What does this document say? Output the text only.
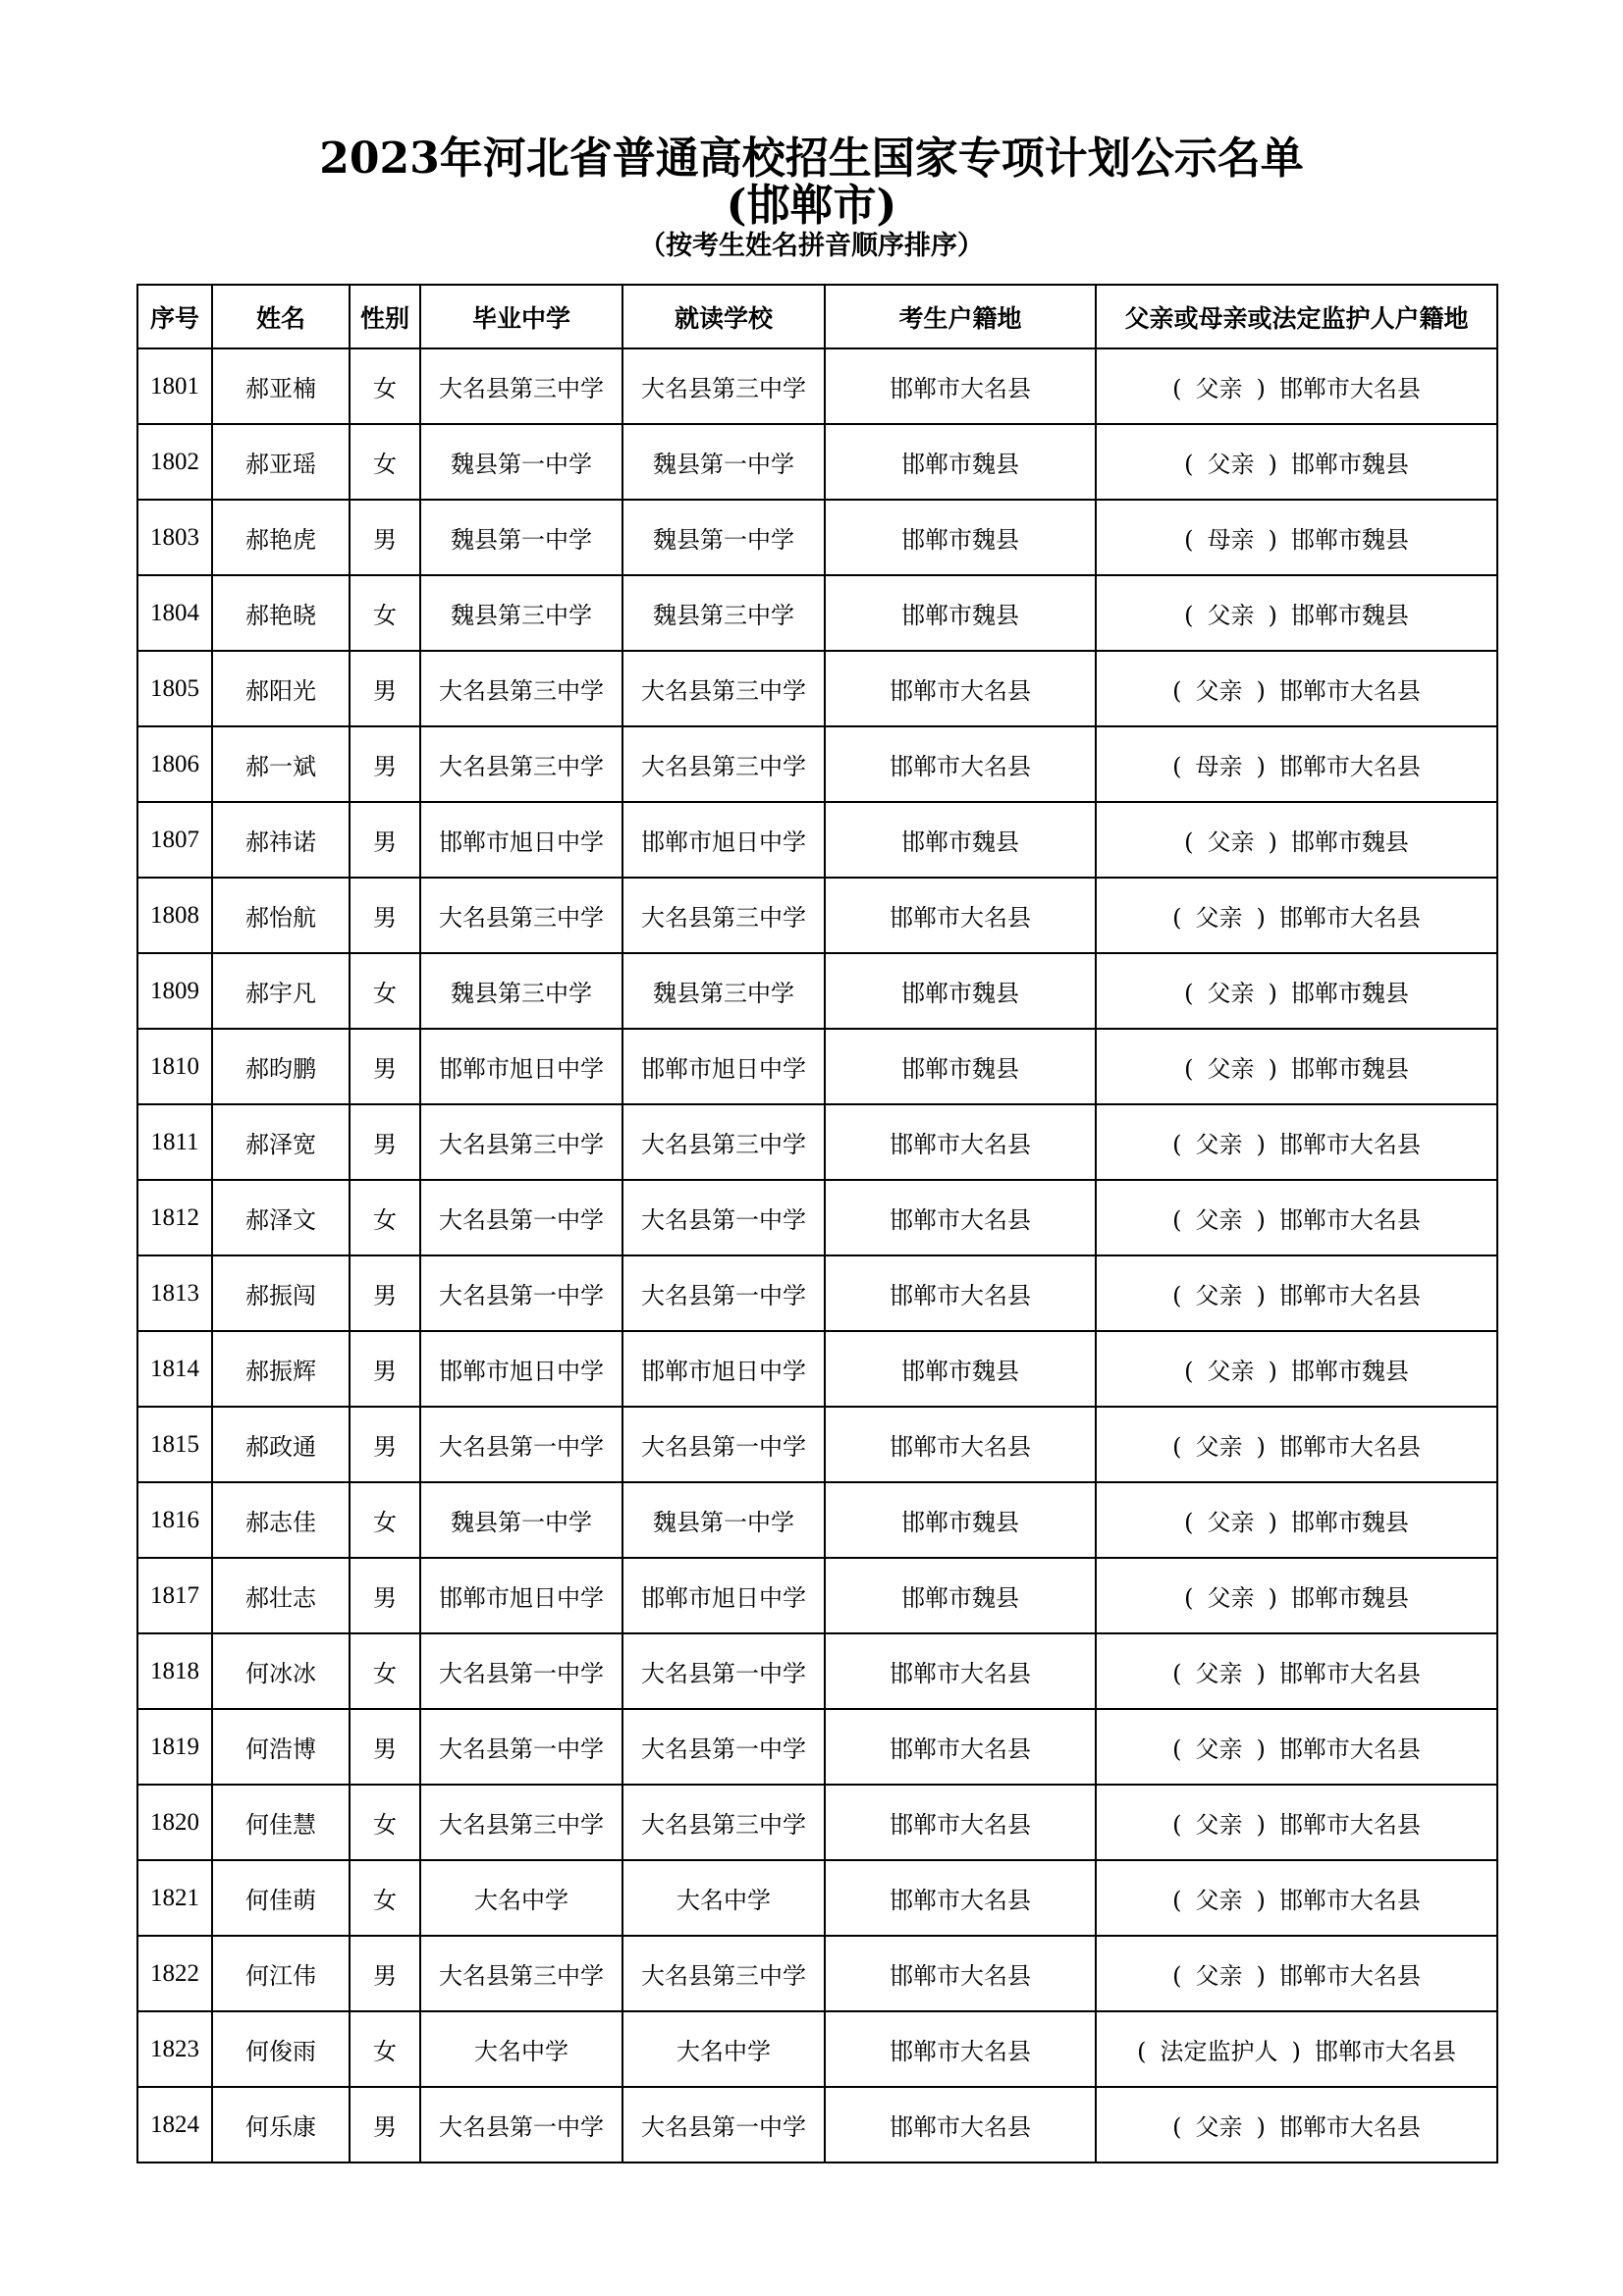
2023年河北省普通高校招生国家专项计划公示名单
(邯郸市)
（按考生姓名拼音顺序排序）
序号	姓名	性别	毕业中学	就读学校	考生户籍地	父亲或母亲或法定监护人户籍地
1801	郝亚楠	女	大名县第三中学	大名县第三中学	邯郸市大名县	( 父亲 ) 邯郸市大名县
1802	郝亚瑶	女	魏县第一中学	魏县第一中学	邯郸市魏县	( 父亲 ) 邯郸市魏县
1803	郝艳虎	男	魏县第一中学	魏县第一中学	邯郸市魏县	( 母亲 ) 邯郸市魏县
1804	郝艳晓	女	魏县第三中学	魏县第三中学	邯郸市魏县	( 父亲 ) 邯郸市魏县
1805	郝阳光	男	大名县第三中学	大名县第三中学	邯郸市大名县	( 父亲 ) 邯郸市大名县
1806	郝一斌	男	大名县第三中学	大名县第三中学	邯郸市大名县	( 母亲 ) 邯郸市大名县
1807	郝祎诺	男	邯郸市旭日中学	邯郸市旭日中学	邯郸市魏县	( 父亲 ) 邯郸市魏县
1808	郝怡航	男	大名县第三中学	大名县第三中学	邯郸市大名县	( 父亲 ) 邯郸市大名县
1809	郝宇凡	女	魏县第三中学	魏县第三中学	邯郸市魏县	( 父亲 ) 邯郸市魏县
1810	郝昀鹏	男	邯郸市旭日中学	邯郸市旭日中学	邯郸市魏县	( 父亲 ) 邯郸市魏县
1811	郝泽宽	男	大名县第三中学	大名县第三中学	邯郸市大名县	( 父亲 ) 邯郸市大名县
1812	郝泽文	女	大名县第一中学	大名县第一中学	邯郸市大名县	( 父亲 ) 邯郸市大名县
1813	郝振闯	男	大名县第一中学	大名县第一中学	邯郸市大名县	( 父亲 ) 邯郸市大名县
1814	郝振辉	男	邯郸市旭日中学	邯郸市旭日中学	邯郸市魏县	( 父亲 ) 邯郸市魏县
1815	郝政通	男	大名县第一中学	大名县第一中学	邯郸市大名县	( 父亲 ) 邯郸市大名县
1816	郝志佳	女	魏县第一中学	魏县第一中学	邯郸市魏县	( 父亲 ) 邯郸市魏县
1817	郝壮志	男	邯郸市旭日中学	邯郸市旭日中学	邯郸市魏县	( 父亲 ) 邯郸市魏县
1818	何冰冰	女	大名县第一中学	大名县第一中学	邯郸市大名县	( 父亲 ) 邯郸市大名县
1819	何浩博	男	大名县第一中学	大名县第一中学	邯郸市大名县	( 父亲 ) 邯郸市大名县
1820	何佳慧	女	大名县第三中学	大名县第三中学	邯郸市大名县	( 父亲 ) 邯郸市大名县
1821	何佳萌	女	大名中学	大名中学	邯郸市大名县	( 父亲 ) 邯郸市大名县
1822	何江伟	男	大名县第三中学	大名县第三中学	邯郸市大名县	( 父亲 ) 邯郸市大名县
1823	何俊雨	女	大名中学	大名中学	邯郸市大名县	( 法定监护人 ) 邯郸市大名县
1824	何乐康	男	大名县第一中学	大名县第一中学	邯郸市大名县	( 父亲 ) 邯郸市大名县
